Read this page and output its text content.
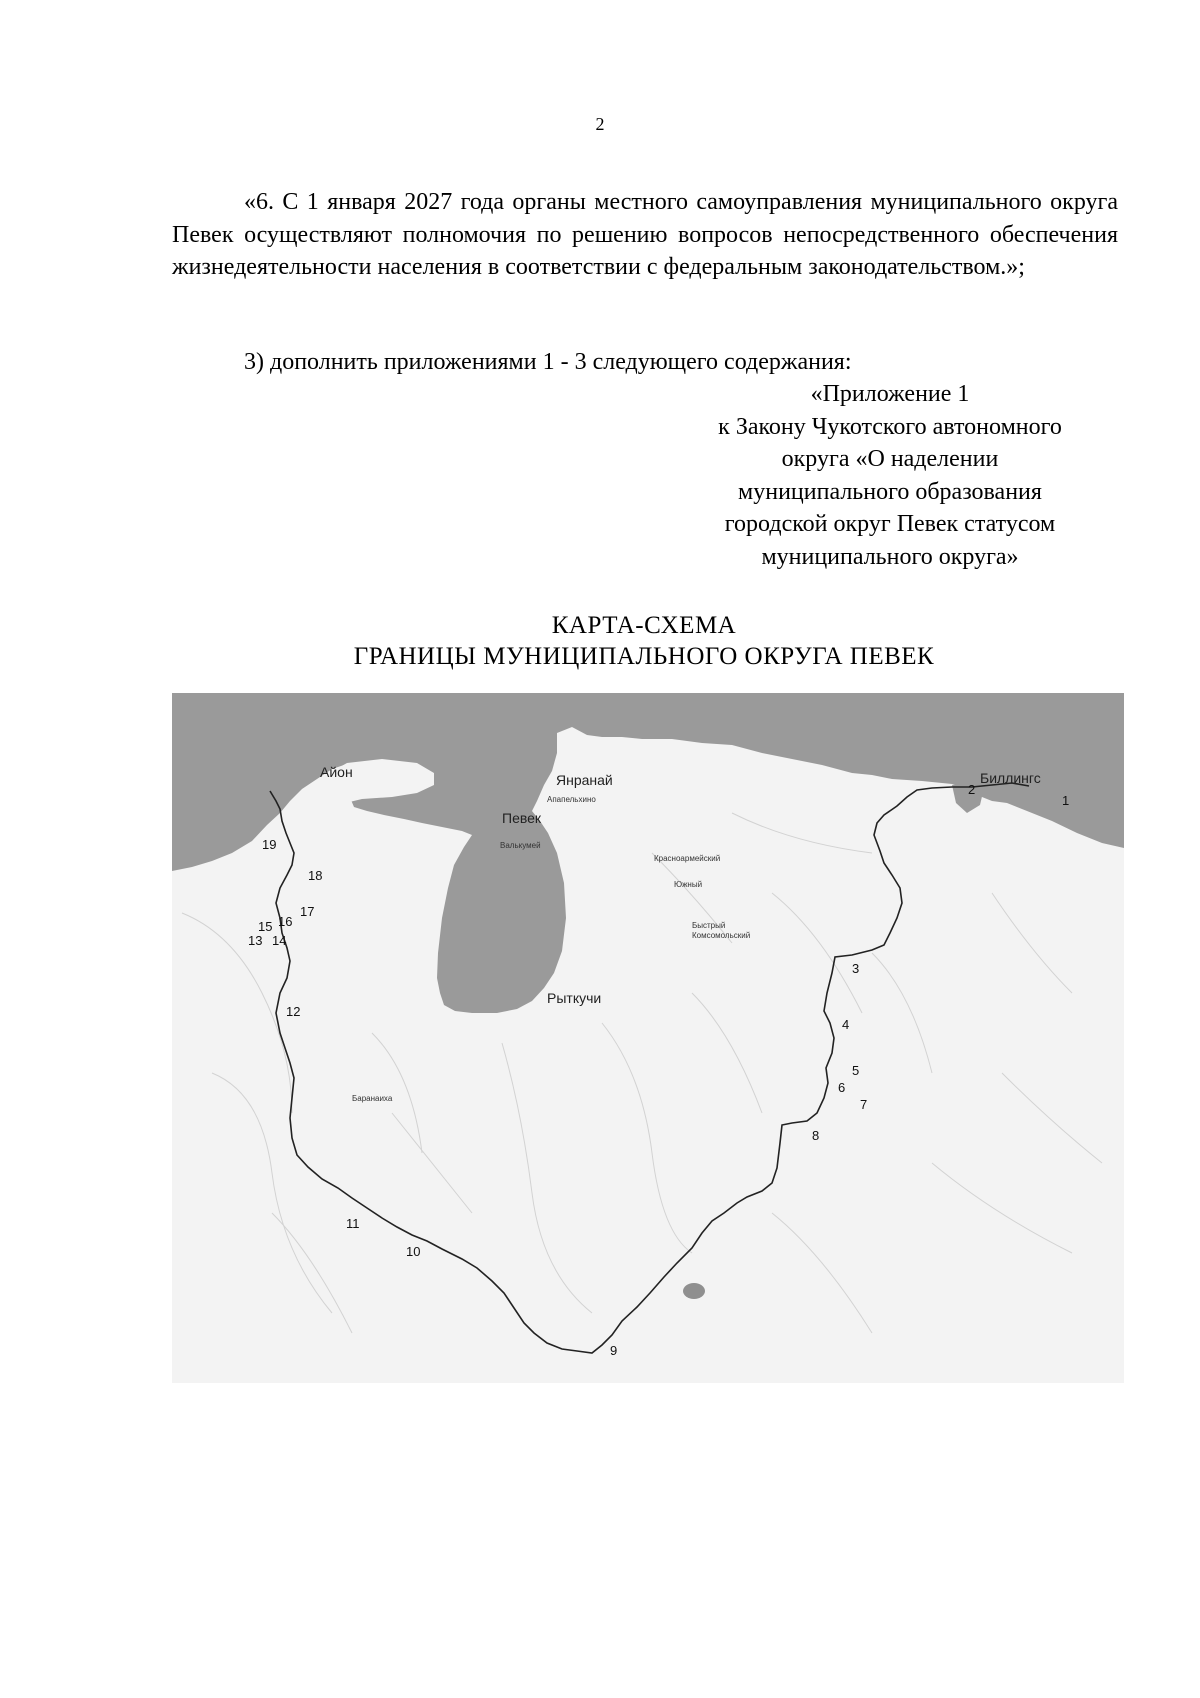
2

«6. С 1 января 2027 года органы местного самоуправления муниципального округа Певек осуществляют полномочия по решению вопросов непосредственного обеспечения жизнедеятельности населения в соответствии с федеральным законодательством.»;

3) дополнить приложениями 1 - 3 следующего содержания:

«Приложение 1
к Закону Чукотского автономного
округа «О наделении
муниципального образования
городской округ Певек статусом
муниципального округа»
КАРТА-СХЕМА
ГРАНИЦЫ МУНИЦИПАЛЬНОГО ОКРУГА ПЕВЕК
Айон	Янранай
Певек
Биллингс
Рыткучи
Апапельхино
Валькумей
Красноармейский
Южный
Быстрый
Комсомольский
Баранаиха
1
2
3
4
5
6
7
8
9
10
11
12
13 14
15 16
17
18
19
